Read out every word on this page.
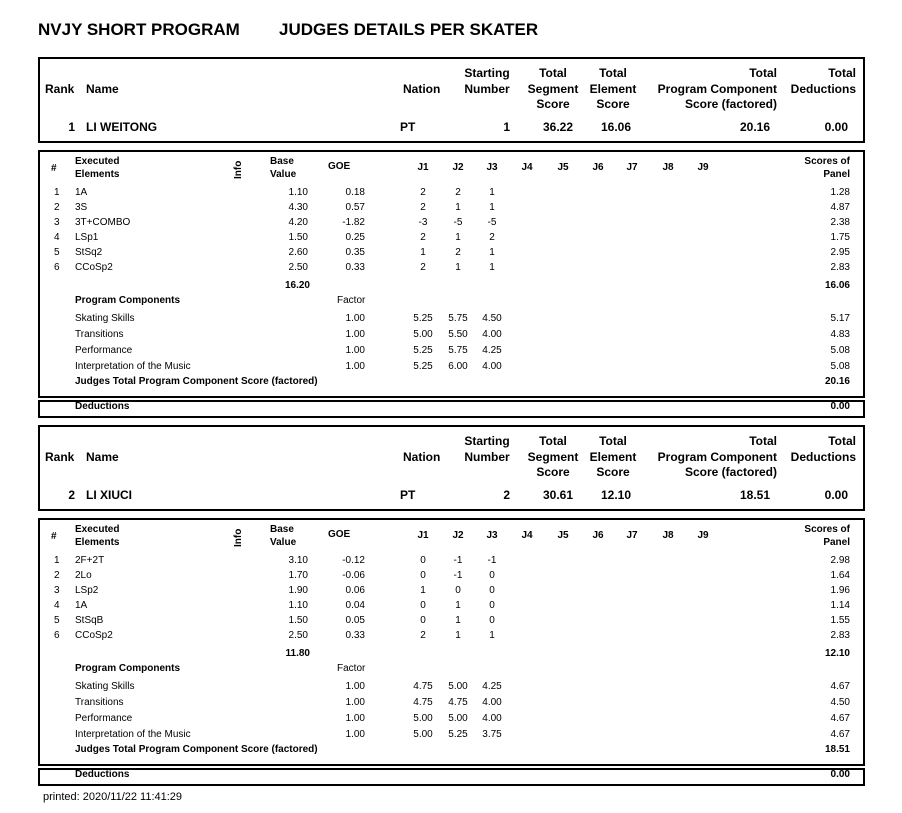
NVJY SHORT PROGRAM JUDGES DETAILS PER SKATER
Rank Name	Nation
Starting
Number
Total
Segment
Score
Total
Element
Score
Total
Program Component
Score (factored)
Total
Deductions
1 LI WEITONG	PT	1	36.22	16.06	20.16	0.00
#
Executed
Elements	Info	Base
Value
GOE	J1	J2	J3	J4	J5	J6	J7	J8	J9
Scores of
Panel
1 1A	1.10	0.18	2	2	1	1.28
2 3S	4.30	0.57	2	1	1	4.87
3 3T+COMBO	4.20	-1.82	-3	-5	-5	2.38
4 LSp1	1.50	0.25	2	1	2	1.75
5 StSq2	2.60	0.35	1	2	1	2.95
6 CCoSp2	2.50	0.33	2	1	1	2.83
16.20	16.06
Program Components	Factor
Skating Skills	1.00	5.25	5.75	4.50	5.17
Transitions	1.00	5.00	5.50	4.00	4.83
Performance	1.00	5.25	5.75	4.25	5.08
Interpretation of the Music	1.00	5.25	6.00	4.00	5.08
Judges Total Program Component Score (factored)	20.16
Deductions	0.00
Rank Name	Nation
Starting
Number
Total
Segment
Score
Total
Element
Score
Total
Program Component
Score (factored)
Total
Deductions
2 LI XIUCI	PT	2	30.61	12.10	18.51	0.00
#
Executed
Elements	Info	Base
Value
GOE	J1	J2	J3	J4	J5	J6	J7	J8	J9
Scores of
Panel
1 2F+2T	3.10	-0.12	0	-1	-1	2.98
2 2Lo	1.70	-0.06	0	-1	0	1.64
3 LSp2	1.90	0.06	1	0	0	1.96
4 1A	1.10	0.04	0	1	0	1.14
5 StSqB	1.50	0.05	0	1	0	1.55
6 CCoSp2	2.50	0.33	2	1	1	2.83
11.80	12.10
Program Components	Factor
Skating Skills	1.00	4.75	5.00	4.25	4.67
Transitions	1.00	4.75	4.75	4.00	4.50
Performance	1.00	5.00	5.00	4.00	4.67
Interpretation of the Music	1.00	5.00	5.25	3.75	4.67
Judges Total Program Component Score (factored)	18.51
Deductions	0.00
printed: 2020/11/22 11:41:29
